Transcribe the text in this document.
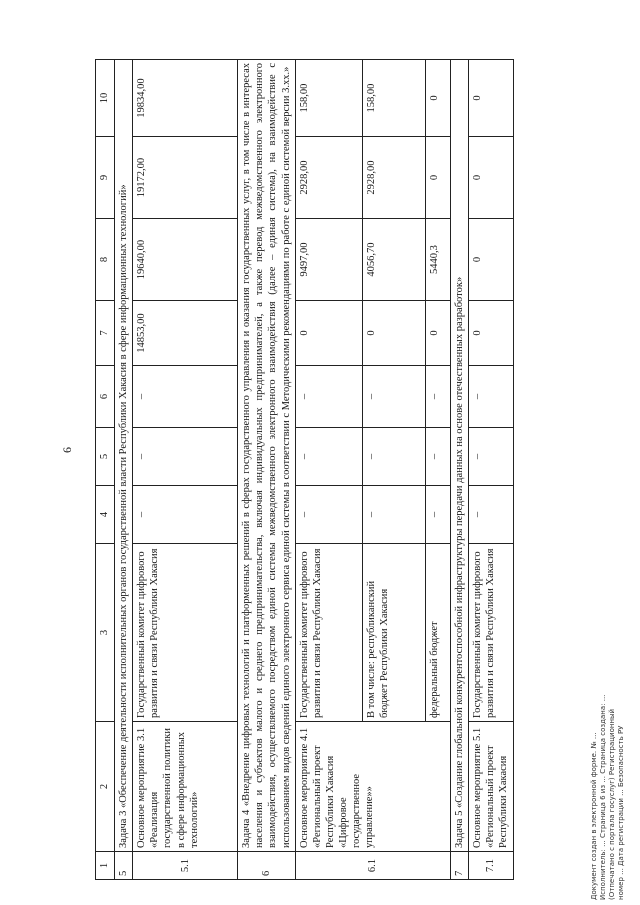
6
1	2	3	4	5	6	7	8	9	10
5	Задача 3 «Обеспечение деятельности исполнительных органов государственной власти Республики Хакасия в сфере информационных технологий»								
5.1	Основное мероприятие 3.1 «Реализация государственной политики в сфере информационных технологий»	Государственный комитет цифрового развития и связи Республики Хакасия	–	–	–	14853,00	19640,00	19172,00	19834,00
6	Задача 4 «Внедрение цифровых технологий и платформенных решений в сферах государственного управления и оказания государственных услуг, в том числе в интересах населения и субъектов малого и среднего предпринимательства, включая индивидуальных предпринимателей, а также перевод межведомственного электронного взаимодействия, осуществляемого посредством единой системы межведомственного электронного взаимодействия (далее – единая система), на взаимодействие с использованием видов сведений единого электронного сервиса единой системы в соответствии с Методическими рекомендациями по работе с единой системой версии 3.хх.»								
6.1	Основное мероприятие 4.1 «Региональный проект Республики Хакасия «Цифровое государственное управление»»	Государственный комитет цифрового развития и связи Республики Хакасия	–	–	–	0	9497,00	2928,00	158,00
		В том числе: республиканский бюджет Республики Хакасия	–	–	–	0	4056,70	2928,00	158,00
		федеральный бюджет	–	–	–	0	5440,3	0	0
7	Задача 5 «Создание глобальной конкурентоспособной инфраструктуры передачи данных на основе отечественных разработок»								
7.1	Основное мероприятие 5.1 «Региональный проект Республики Хакасия	Государственный комитет цифрового развития и связи Республики Хакасия	–	–	–	0	0	0	0
Документ создан в электронной форме. № ... Исполнитель: ... Страница 6 из ... Страница создана: ... (Отпечатано с портала госуслуг) Регистрационный номер ... Дата регистрации ... Безопасность РУ
